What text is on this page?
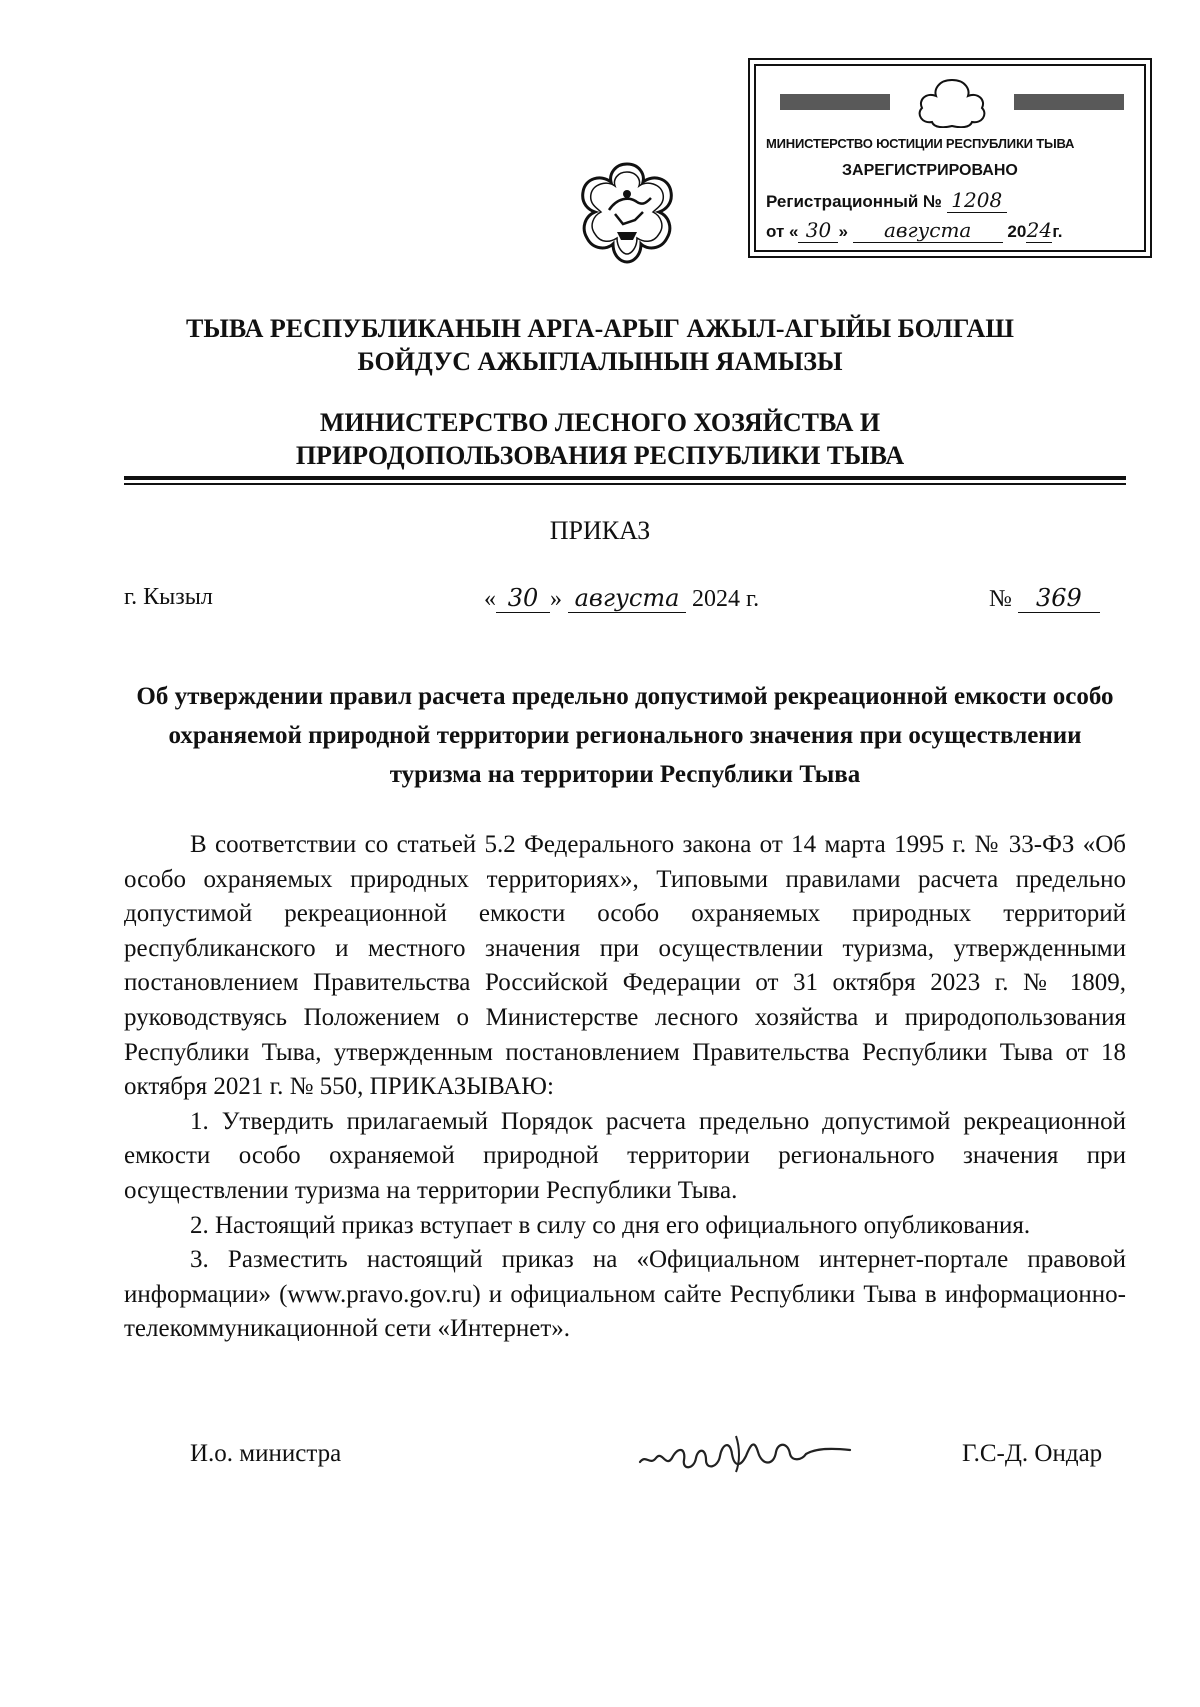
МИНИСТЕРСТВО ЮСТИЦИИ РЕСПУБЛИКИ ТЫВА
ЗАРЕГИСТРИРОВАНО
Регистрационный № 1208
от « 30 » августа 2024г.
ТЫВА РЕСПУБЛИКАНЫН АРГА-АРЫГ АЖЫЛ-АГЫЙЫ БОЛГАШ
БОЙДУС АЖЫГЛАЛЫНЫН ЯАМЫЗЫ
МИНИСТЕРСТВО ЛЕСНОГО ХОЗЯЙСТВА И
ПРИРОДОПОЛЬЗОВАНИЯ РЕСПУБЛИКИ ТЫВА
ПРИКАЗ
г. Кызыл	« 30 » августа 2024 г.	№ 369
Об утверждении правил расчета предельно допустимой рекреационной емкости особо охраняемой природной территории регионального значения при осуществлении туризма на территории Республики Тыва

В соответствии со статьей 5.2 Федерального закона от 14 марта 1995 г. № 33-ФЗ «Об особо охраняемых природных территориях», Типовыми правилами расчета предельно допустимой рекреационной емкости особо охраняемых природных территорий республиканского и местного значения при осуществлении туризма, утвержденными постановлением Правительства Российской Федерации от 31 октября 2023 г. № 1809, руководствуясь Положением о Министерстве лесного хозяйства и природопользования Республики Тыва, утвержденным постановлением Правительства Республики Тыва от 18 октября 2021 г. № 550, ПРИКАЗЫВАЮ:

1. Утвердить прилагаемый Порядок расчета предельно допустимой рекреационной емкости особо охраняемой природной территории регионального значения при осуществлении туризма на территории Республики Тыва.

2. Настоящий приказ вступает в силу со дня его официального опубликования.

3. Разместить настоящий приказ на «Официальном интернет-портале правовой информации» (www.pravo.gov.ru) и официальном сайте Республики Тыва в информационно-телекоммуникационной сети «Интернет».

И.о. министра	Г.С-Д. Ондар
